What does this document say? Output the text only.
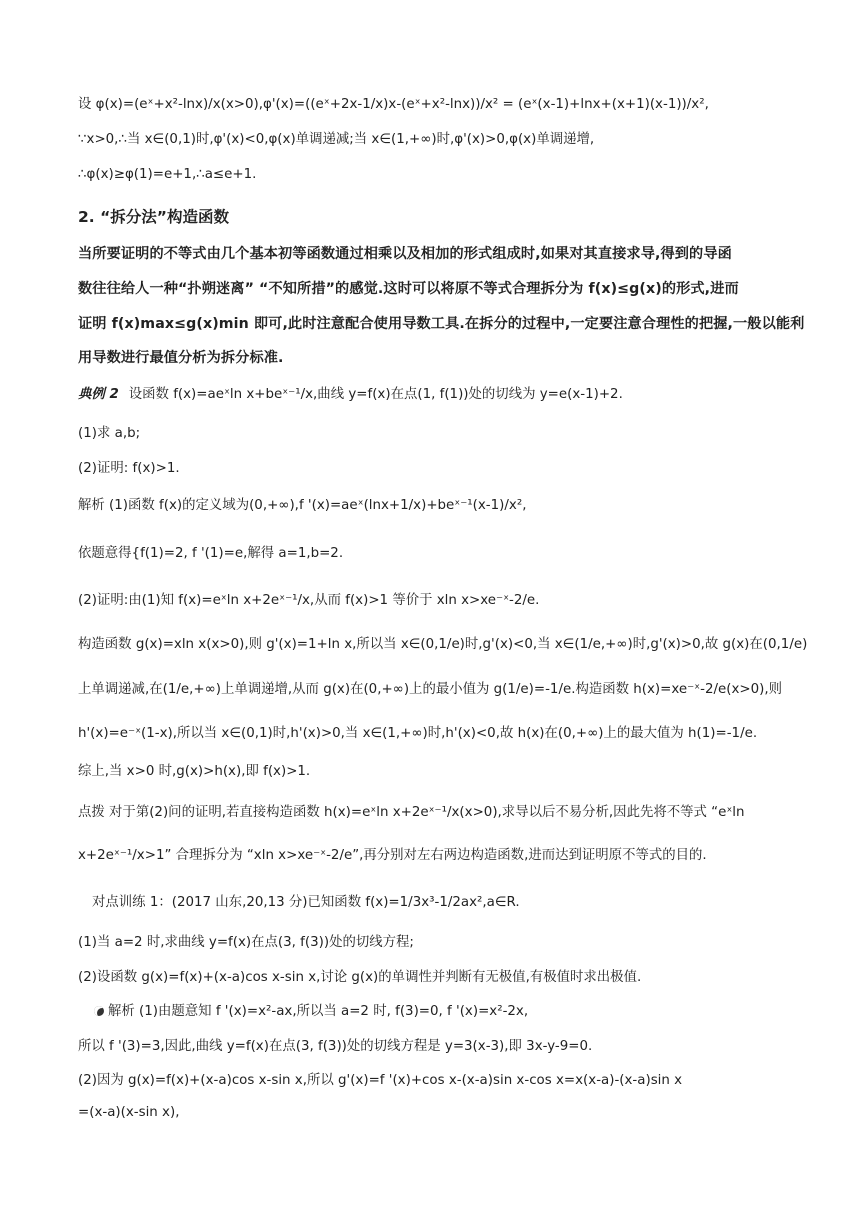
设 φ(x)=(eˣ+x²-lnx)/x(x>0),φ'(x)=((eˣ+2x-1/x)x-(eˣ+x²-lnx))/x² = (eˣ(x-1)+lnx+(x+1)(x-1))/x²,
∵x>0,∴当 x∈(0,1)时,φ'(x)<0,φ(x)单调递减;当 x∈(1,+∞)时,φ'(x)>0,φ(x)单调递增,
∴φ(x)≥φ(1)=e+1,∴a≤e+1.
2. “拆分法”构造函数
当所要证明的不等式由几个基本初等函数通过相乘以及相加的形式组成时,如果对其直接求导,得到的导函
数往往给人一种“扑朔迷离” “不知所措”的感觉.这时可以将原不等式合理拆分为 f(x)≤g(x)的形式,进而
证明 f(x)max≤g(x)min 即可,此时注意配合使用导数工具.在拆分的过程中,一定要注意合理性的把握,一般以能利
用导数进行最值分析为拆分标准.
典例 2 设函数 f(x)=aeˣln x+beˣ⁻¹/x,曲线 y=f(x)在点(1, f(1))处的切线为 y=e(x-1)+2.
(1)求 a,b;
(2)证明: f(x)>1.
解析 (1)函数 f(x)的定义域为(0,+∞),f '(x)=aeˣ(lnx+1/x)+beˣ⁻¹(x-1)/x²,
依题意得{f(1)=2, f '(1)=e,解得 a=1,b=2.
(2)证明:由(1)知 f(x)=eˣln x+2eˣ⁻¹/x,从而 f(x)>1 等价于 xln x>xe⁻ˣ-2/e.
构造函数 g(x)=xln x(x>0),则 g'(x)=1+ln x,所以当 x∈(0,1/e)时,g'(x)<0,当 x∈(1/e,+∞)时,g'(x)>0,故 g(x)在(0,1/e)
上单调递减,在(1/e,+∞)上单调递增,从而 g(x)在(0,+∞)上的最小值为 g(1/e)=-1/e.构造函数 h(x)=xe⁻ˣ-2/e(x>0),则
h'(x)=e⁻ˣ(1-x),所以当 x∈(0,1)时,h'(x)>0,当 x∈(1,+∞)时,h'(x)<0,故 h(x)在(0,+∞)上的最大值为 h(1)=-1/e.
综上,当 x>0 时,g(x)>h(x),即 f(x)>1.
点拨 对于第(2)问的证明,若直接构造函数 h(x)=eˣln x+2eˣ⁻¹/x(x>0),求导以后不易分析,因此先将不等式 “eˣln
x+2eˣ⁻¹/x>1” 合理拆分为 “xln x>xe⁻ˣ-2/e”,再分别对左右两边构造函数,进而达到证明原不等式的目的.
对点训练 1：(2017 山东,20,13 分)已知函数 f(x)=1/3x³-1/2ax²,a∈R.
(1)当 a=2 时,求曲线 y=f(x)在点(3, f(3))处的切线方程;
(2)设函数 g(x)=f(x)+(x-a)cos x-sin x,讨论 g(x)的单调性并判断有无极值,有极值时求出极值.
解析 (1)由题意知 f '(x)=x²-ax,所以当 a=2 时, f(3)=0, f '(x)=x²-2x,
所以 f '(3)=3,因此,曲线 y=f(x)在点(3, f(3))处的切线方程是 y=3(x-3),即 3x-y-9=0.
(2)因为 g(x)=f(x)+(x-a)cos x-sin x,所以 g'(x)=f '(x)+cos x-(x-a)sin x-cos x=x(x-a)-(x-a)sin x
=(x-a)(x-sin x),
